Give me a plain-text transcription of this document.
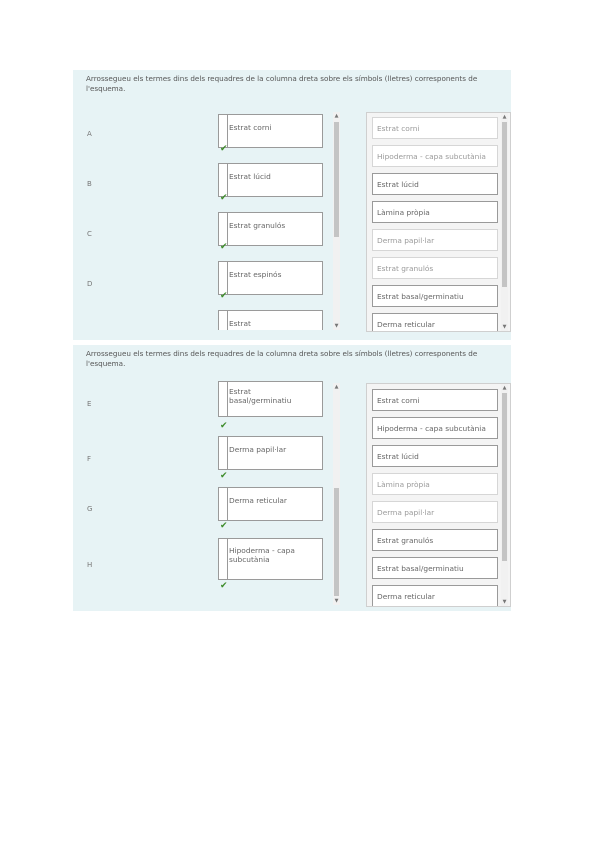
Arrossegueu els termes dins dels requadres de la columna dreta sobre els símbols (lletres) corresponents de l'esquema.
A
B
C
D
Estrat corni
Estrat lúcid
Estrat granulós
Estrat espinós
Estrat
✔
✔
✔
✔
▲
▼
Estrat corni
Hipoderma - capa subcutània
Estrat lúcid
Làmina pròpia
Derma papil·lar
Estrat granulós
Estrat basal/germinatiu
Derma reticular
▲
▼
Arrossegueu els termes dins dels requadres de la columna dreta sobre els símbols (lletres) corresponents de l'esquema.
E
F
G
H
Estrat basal/germinatiu
Derma papil·lar
Derma reticular
Hipoderma - capa subcutània
✔
✔
✔
✔
▲
▼
Estrat corni
Hipoderma - capa subcutània
Estrat lúcid
Làmina pròpia
Derma papil·lar
Estrat granulós
Estrat basal/germinatiu
Derma reticular
▲
▼
